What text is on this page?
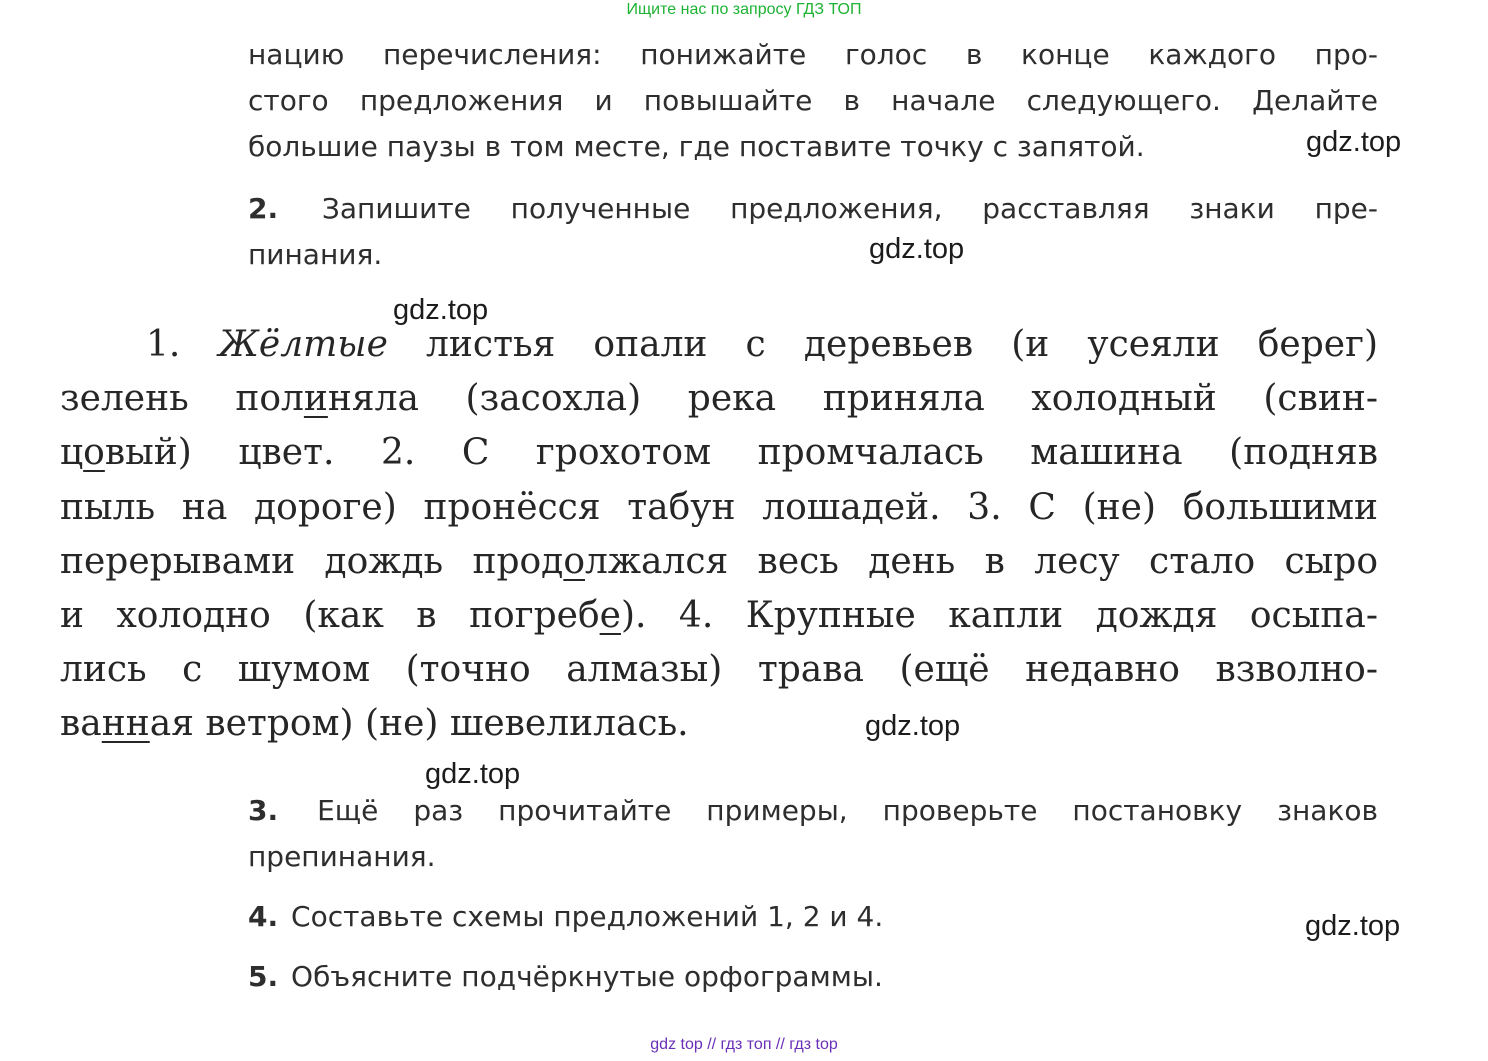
Ищите нас по запросу ГДЗ ТОП
нацию перечисления: понижайте голос в конце каждого про-
стого предложения и повышайте в начале следующего. Делайте
большие паузы в том месте, где поставите точку с запятой.
2. Запишите полученные предложения, расставляя знаки пре-
пинания.
1. Жёлтые листья опали с деревьев (и усеяли берег)
зелень полиняла (засохла) река приняла холодный (свин-
цовый) цвет. 2. С грохотом промчалась машина (подняв
пыль на дороге) пронёсся табун лошадей. 3. С (не) большими
перерывами дождь продолжался весь день в лесу стало сыро
и холодно (как в погребе). 4. Крупные капли дождя осыпа-
лись с шумом (точно алмазы) трава (ещё недавно взволно-
ванная ветром) (не) шевелилась.
3. Ещё раз прочитайте примеры, проверьте постановку знаков
препинания.
4. Составьте схемы предложений 1, 2 и 4.
5. Объясните подчёркнутые орфограммы.
gdz.top
gdz.top
gdz.top
gdz.top
gdz.top
gdz.top
gdz top // гдз топ // гдз top
